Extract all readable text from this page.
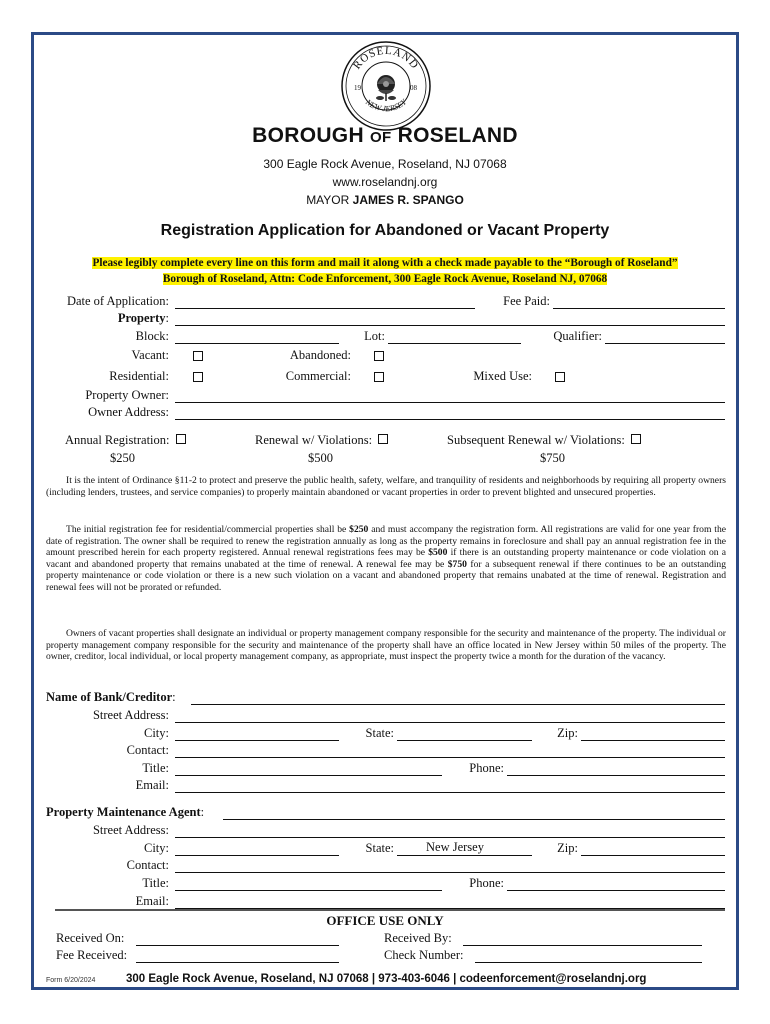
ROSELAND
NEW JERSEY
19	08
BOROUGH of ROSELAND
300 Eagle Rock Avenue, Roseland, NJ 07068
www.roselandnj.org
MAYOR JAMES R. SPANGO
Registration Application for Abandoned or Vacant Property
Please legibly complete every line on this form and mail it along with a check made payable to the “Borough of Roseland”
Borough of Roseland, Attn: Code Enforcement, 300 Eagle Rock Avenue, Roseland NJ, 07068
Date of Application:	Fee Paid:
Property:
Block:	Lot:	Qualifier:
Vacant:	Abandoned:
Residential:	Commercial:	Mixed Use:
Property Owner:
Owner Address:
Annual Registration:
$250
Renewal w/ Violations:
$500
Subsequent Renewal w/ Violations:
$750
It is the intent of Ordinance §11-2 to protect and preserve the public health, safety, welfare, and tranquility of residents and neighborhoods by requiring all property owners (including lenders, trustees, and service companies) to properly maintain abandoned or vacant properties in order to prevent blighted and unsecured properties.
The initial registration fee for residential/commercial properties shall be $250 and must accompany the registration form. All registrations are valid for one year from the date of registration. The owner shall be required to renew the registration annually as long as the property remains in foreclosure and shall pay an annual registration fee in the amount prescribed herein for each property registered. Annual renewal registrations fees may be $500 if there is an outstanding property maintenance or code violation on a vacant and abandoned property that remains unabated at the time of renewal. A renewal fee may be $750 for a subsequent renewal if there continues to be an outstanding property maintenance or code violation or there is a new such violation on a vacant and abandoned property that remains unabated at the time of renewal. Registration and renewal fees will not be prorated or refunded.
Owners of vacant properties shall designate an individual or property management company responsible for the security and maintenance of the property. The individual or property management company responsible for the security and maintenance of the property shall have an office located in New Jersey within 50 miles of the property. The owner, creditor, local individual, or local property management company, as appropriate, must inspect the property twice a month for the duration of the vacancy.
Name of Bank/Creditor:
Street Address:
City:	State:	Zip:
Contact:
Title:	Phone:
Email:
Property Maintenance Agent:
Street Address:
City:	State:	New Jersey	Zip:
Contact:
Title:	Phone:
Email:
OFFICE USE ONLY
Received On:	Received By:
Fee Received:	Check Number:
Form 6/20/2024	300 Eagle Rock Avenue, Roseland, NJ 07068 | 973-403-6046 | codeenforcement@roselandnj.org
